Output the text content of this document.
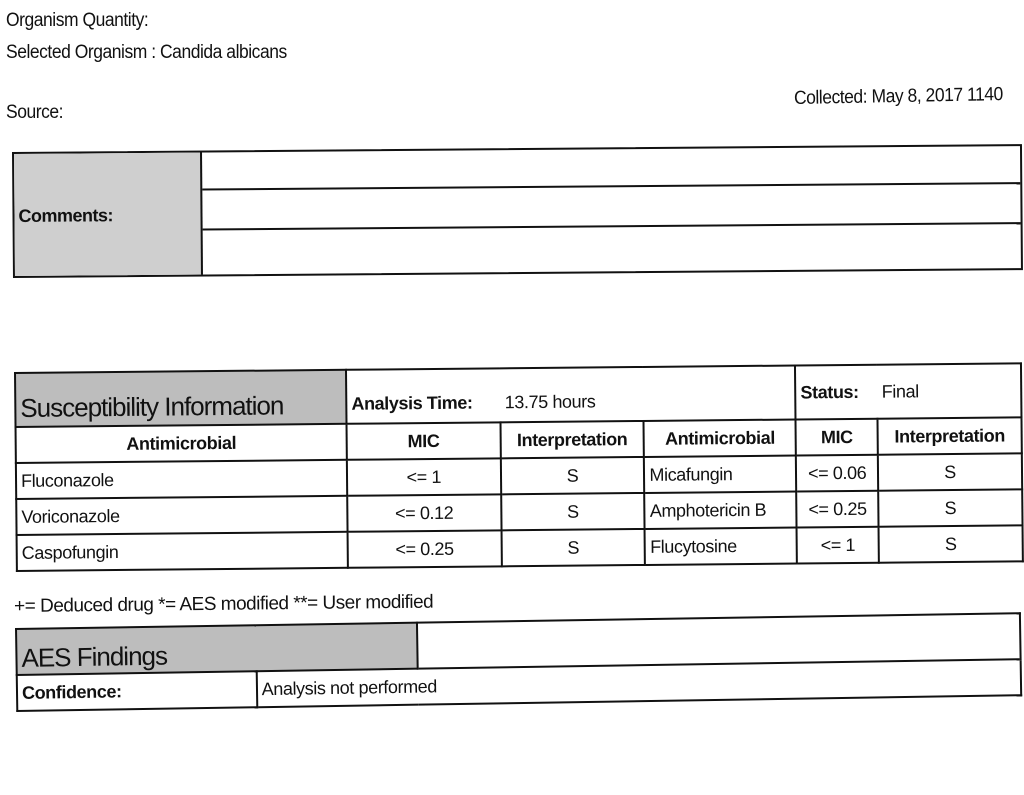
Organism Quantity:
Selected Organism : Candida albicans
Source:
Collected: May 8, 2017 1140
Comments:
Susceptibility Information	Analysis Time: 13.75 hours			Status: Final	
Antimicrobial	MIC	Interpretation	Antimicrobial	MIC	Interpretation
Fluconazole	<= 1	S	Micafungin	<= 0.06	S
Voriconazole	<= 0.12	S	Amphotericin B	<= 0.25	S
Caspofungin	<= 0.25	S	Flucytosine	<= 1	S
+= Deduced drug *= AES modified **= User modified
AES Findings		
Confidence:	Analysis not performed	
